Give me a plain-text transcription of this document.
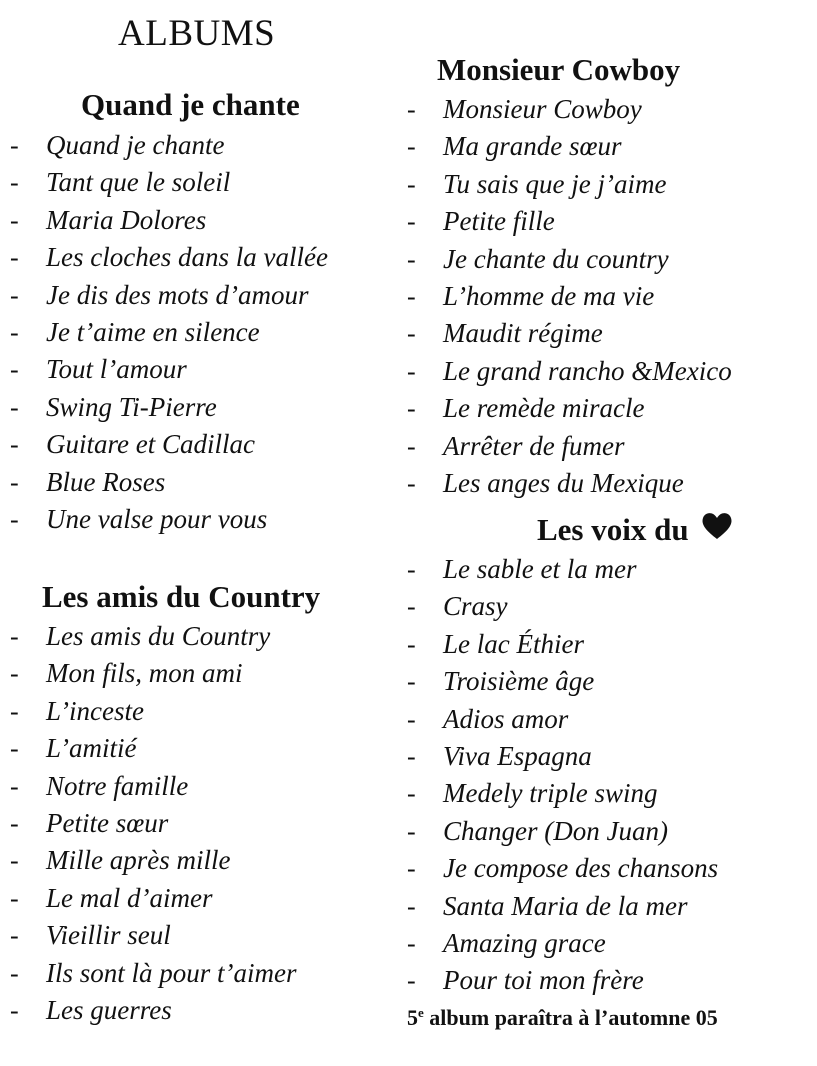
ALBUMS
Quand je chante
- Quand je chante
- Tant que le soleil
- Maria Dolores
- Les cloches dans la vallée
- Je dis des mots d’amour
- Je t’aime en silence
- Tout l’amour
- Swing Ti-Pierre
- Guitare et Cadillac
- Blue Roses
- Une valse pour vous
Les amis du Country
- Les amis du Country
- Mon fils, mon ami
- L’inceste
- L’amitié
- Notre famille
- Petite sœur
- Mille après mille
- Le mal d’aimer
- Vieillir seul
- Ils sont là pour t’aimer
- Les guerres
Monsieur Cowboy
- Monsieur Cowboy
- Ma grande sœur
- Tu sais que je j’aime
- Petite fille
- Je chante du country
- L’homme de ma vie
- Maudit régime
- Le grand rancho &Mexico
- Le remède miracle
- Arrêter de fumer
- Les anges du Mexique
Les voix du
- Le sable et la mer
- Crasy
- Le lac Éthier
- Troisième âge
- Adios amor
- Viva Espagna
- Medely triple swing
- Changer (Don Juan)
- Je compose des chansons
- Santa Maria de la mer
- Amazing grace
- Pour toi mon frère

5e album paraîtra à l’automne 05
